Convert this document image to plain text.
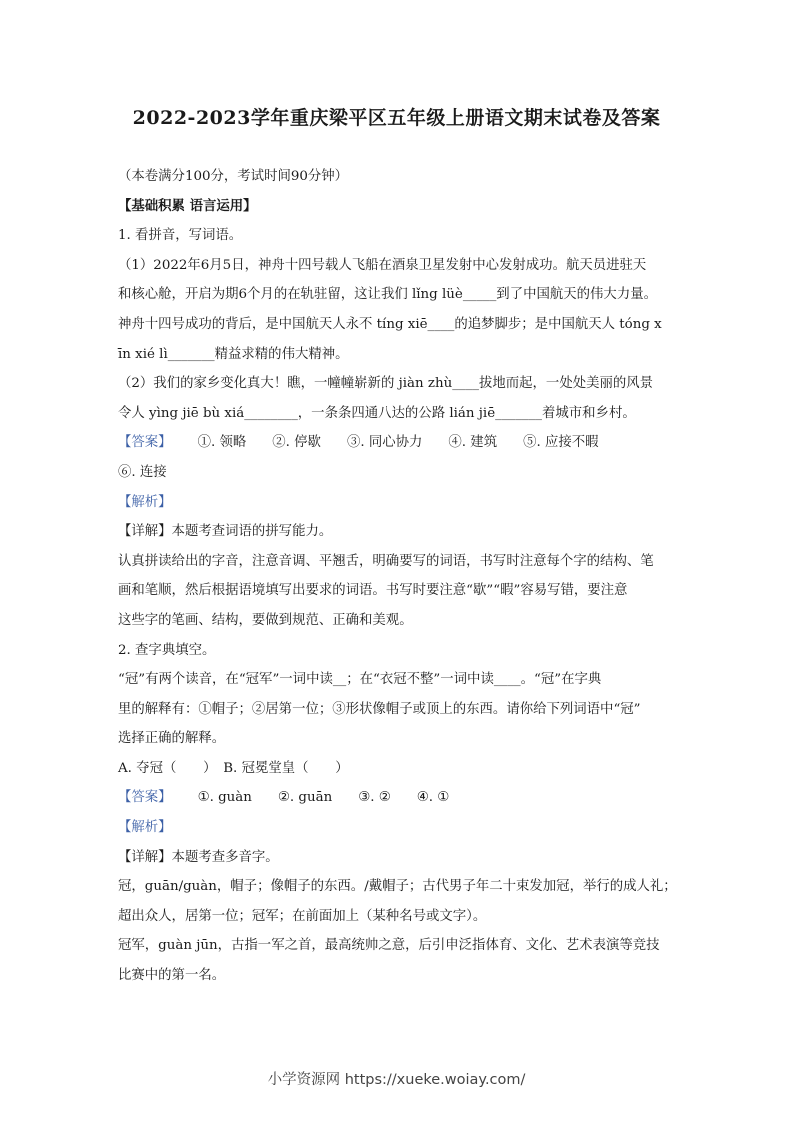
2022-2023学年重庆梁平区五年级上册语文期末试卷及答案

（本卷满分100分，考试时间90分钟）

【基础积累 语言运用】

1. 看拼音，写词语。

（1）2022年6月5日，神舟十四号载人飞船在酒泉卫星发射中心发射成功。航天员进驻天

和核心舱，开启为期6个月的在轨驻留，这让我们 lǐng lüè_____到了中国航天的伟大力量。

神舟十四号成功的背后，是中国航天人永不 tíng xiē____的追梦脚步；是中国航天人 tóng x

īn xié lì_______精益求精的伟大精神。

（2）我们的家乡变化真大！瞧，一幢幢崭新的 jiàn zhù____拔地而起，一处处美丽的风景

令人 yìng jiē bù xiá________，一条条四通八达的公路 lián jiē_______着城市和乡村。

【答案】 ①. 领略 ②. 停歇 ③. 同心协力 ④. 建筑 ⑤. 应接不暇

⑥. 连接

【解析】

【详解】本题考查词语的拼写能力。

认真拼读给出的字音，注意音调、平翘舌，明确要写的词语，书写时注意每个字的结构、笔

画和笔顺，然后根据语境填写出要求的词语。书写时要注意“歇”“暇”容易写错，要注意

这些字的笔画、结构，要做到规范、正确和美观。

2. 查字典填空。

“冠”有两个读音，在“冠军”一词中读__；在“衣冠不整”一词中读____。“冠”在字典

里的解释有：①帽子；②居第一位；③形状像帽子或顶上的东西。请你给下列词语中“冠”

选择正确的解释。

A. 夺冠（　　）　B. 冠冕堂皇（　　）

【答案】 ①. guàn ②. guān ③. ② ④. ①

【解析】

【详解】本题考查多音字。

冠，guān/guàn，帽子；像帽子的东西。/戴帽子；古代男子年二十束发加冠，举行的成人礼；

超出众人，居第一位；冠军；在前面加上（某种名号或文字）。

冠军，guàn jūn，古指一军之首，最高统帅之意，后引申泛指体育、文化、艺术表演等竞技

比赛中的第一名。

小学资源网 https://xueke.woiay.com/
